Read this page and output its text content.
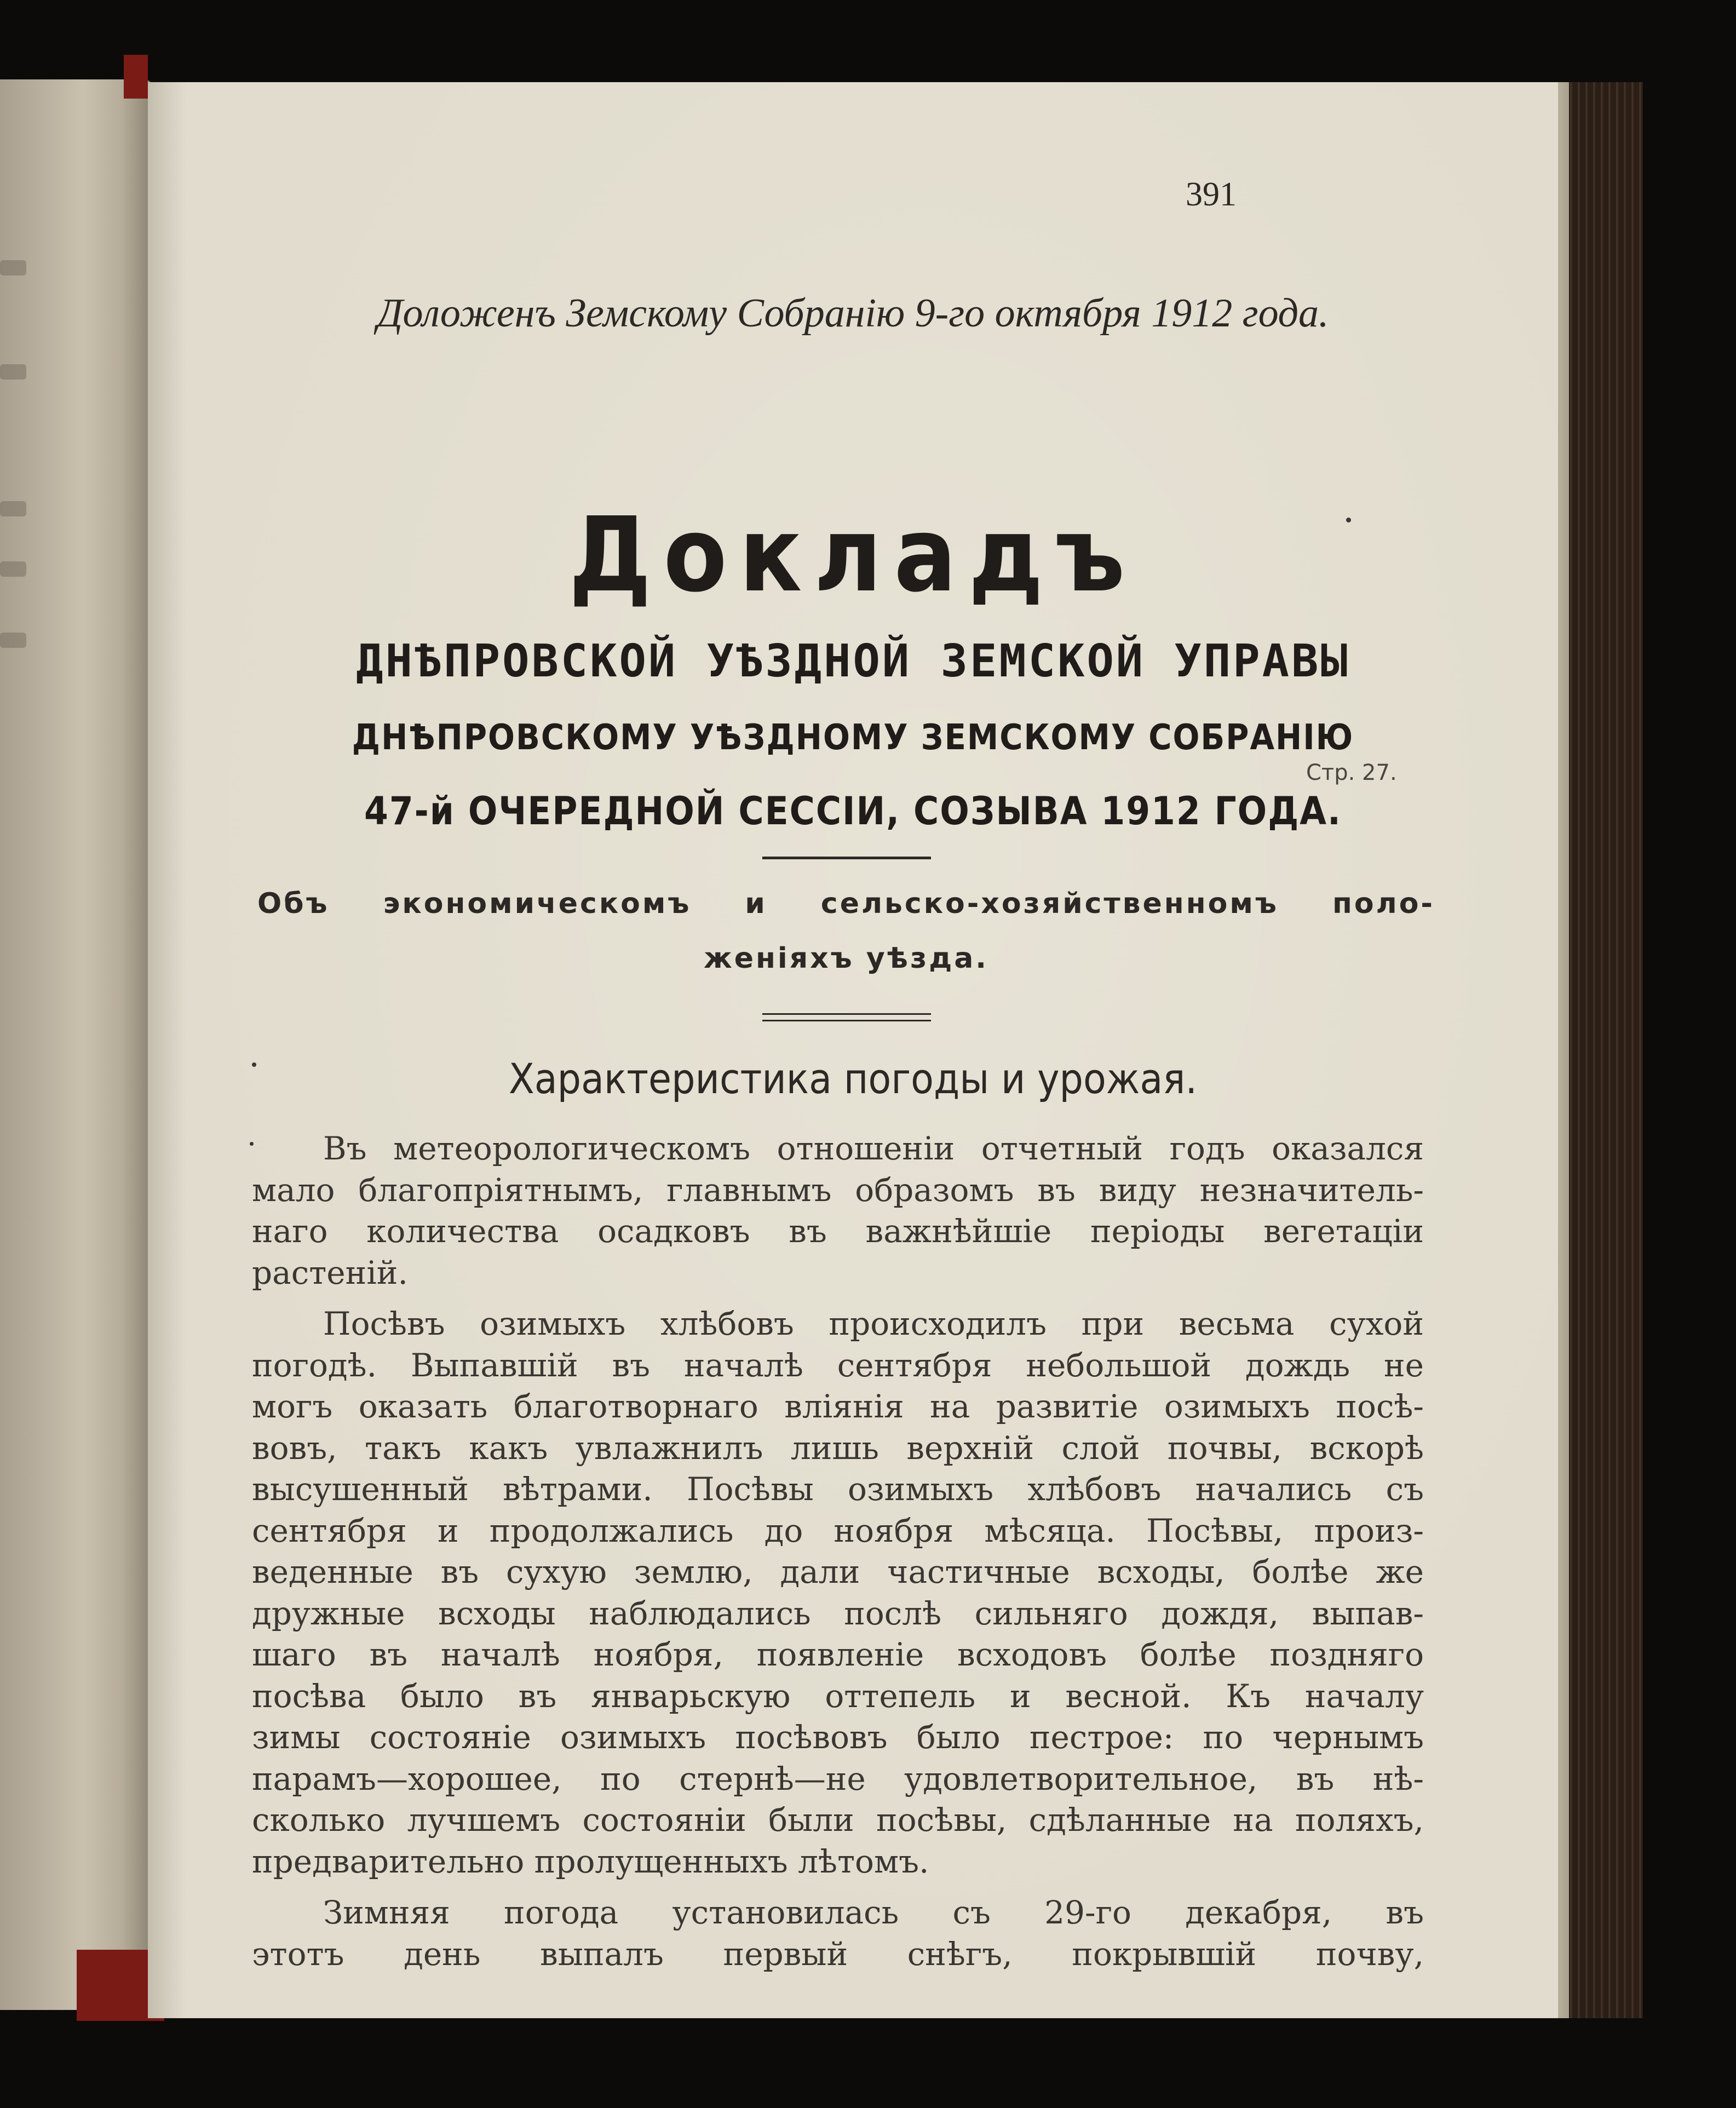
391
Доложенъ Земскому Собранію 9-го октября 1912 года.
Докладъ
ДНѢПРОВСКОЙ УѢЗДНОЙ ЗЕМСКОЙ УПРАВЫ
ДНѢПРОВСКОМУ УѢЗДНОМУ ЗЕМСКОМУ СОБРАНІЮ
47-й ОЧЕРЕДНОЙ СЕССІИ, СОЗЫВА 1912 ГОДА.
Стр. 27.
Объ экономическомъ и сельско-хозяйственномъ поло-
женіяхъ уѣзда.
Характеристика погоды и урожая.
Въ метеорологическомъ отношеніи отчетный годъ оказался
мало благопріятнымъ, главнымъ образомъ въ виду незначитель-
наго количества осадковъ въ важнѣйшіе періоды вегетаціи
растеній.
Посѣвъ озимыхъ хлѣбовъ происходилъ при весьма сухой
погодѣ. Выпавшій въ началѣ сентября небольшой дождь не
могъ оказать благотворнаго вліянія на развитіе озимыхъ посѣ-
вовъ, такъ какъ увлажнилъ лишь верхній слой почвы, вскорѣ
высушенный вѣтрами. Посѣвы озимыхъ хлѣбовъ начались съ
сентября и продолжались до ноября мѣсяца. Посѣвы, произ-
веденные въ сухую землю, дали частичные всходы, болѣе же
дружные всходы наблюдались послѣ сильняго дождя, выпав-
шаго въ началѣ ноября, появленіе всходовъ болѣе поздняго
посѣва было въ январьскую оттепель и весной. Къ началу
зимы состояніе озимыхъ посѣвовъ было пестрое: по чернымъ
парамъ—хорошее, по стернѣ—не удовлетворительное, въ нѣ-
сколько лучшемъ состояніи были посѣвы, сдѣланные на поляхъ,
предварительно пролущенныхъ лѣтомъ.
Зимняя погода установилась съ 29-го декабря, въ
этотъ день выпалъ первый снѣгъ, покрывшій почву,
